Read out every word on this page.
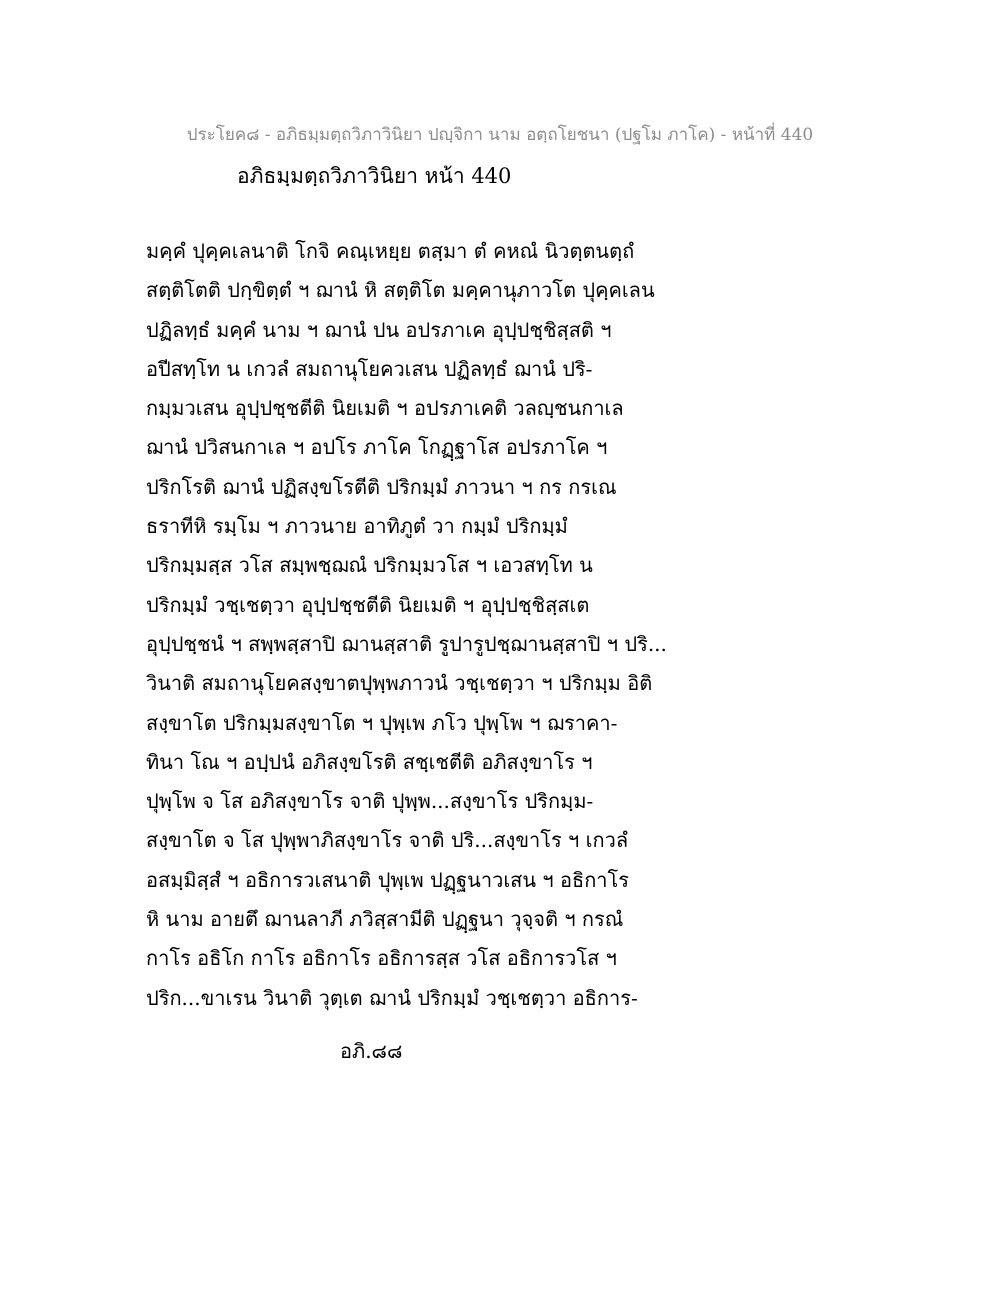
ประโยค๘ - อภิธมฺมตฺถวิภาวินิยา ปญฺจิกา นาม อตฺถโยชนา (ปฐโม ภาโค) - หน้าที่ 440
อภิธมฺมตฺถวิภาวินิยา หน้า 440
มคฺคํ ปุคฺคเลนาติ โกจิ คณฺเหยฺย ตสฺมา ตํ คหณํ นิวตฺตนตฺถํ
สตฺติโตติ ปกฺขิตฺตํ ฯ ฌานํ หิ สตฺติโต มคฺคานุภาวโต ปุคฺคเลน
ปฏิลทฺธํ มคฺคํ นาม ฯ ฌานํ ปน อปรภาเค อุปฺปชฺชิสฺสติ ฯ
อปีสทฺโท น เกวลํ สมถานุโยควเสน ปฏิลทฺธํ ฌานํ ปริ-
กมฺมวเสน อุปฺปชฺชตีติ นิยเมติ ฯ อปรภาเคติ วลญฺชนกาเล
ฌานํ ปวิสนกาเล ฯ อปโร ภาโค โกฏฺฐาโส อปรภาโค ฯ
ปริกโรติ ฌานํ ปฏิสงฺขโรตีติ ปริกมฺมํ ภาวนา ฯ กร กรเณ
ธราทีหิ รมฺโม ฯ ภาวนาย อาทิภูตํ วา กมฺมํ ปริกมฺมํ
ปริกมฺมสฺส วโส สมฺพชฺฌณํ ปริกมฺมวโส ฯ เอวสทฺโท น
ปริกมฺมํ วชฺเชตฺวา อุปฺปชฺชตีติ นิยเมติ ฯ อุปฺปชฺชิสฺสเต
อุปฺปชฺชนํ ฯ สพฺพสฺสาปิ ฌานสฺสาติ รูปารูปชฺฌานสฺสาปิ ฯ ปริ...
วินาติ สมถานุโยคสงฺขาตปุพฺพภาวนํ วชฺเชตฺวา ฯ ปริกมฺม อิติ
สงฺขาโต ปริกมฺมสงฺขาโต ฯ ปุพฺเพ ภโว ปุพฺโพ ฯ ฌราคา-
ทินา โณ ฯ อปฺปนํ อภิสงฺขโรติ สชฺเชตีติ อภิสงฺขาโร ฯ
ปุพฺโพ จ โส อภิสงฺขาโร จาติ ปุพฺพ...สงฺขาโร ปริกมฺม-
สงฺขาโต จ โส ปุพฺพาภิสงฺขาโร จาติ ปริ...สงฺขาโร ฯ เกวลํ
อสมฺมิสฺสํ ฯ อธิการวเสนาติ ปุพฺเพ ปฏฺฐนาวเสน ฯ อธิกาโร
หิ นาม อายตึ ฌานลาภี ภวิสฺสามีติ ปฏฺฐนา วุจฺจติ ฯ กรณํ
กาโร อธิโก กาโร อธิกาโร อธิการสฺส วโส อธิการวโส ฯ
ปริก...ขาเรน วินาติ วุตฺเต ฌานํ ปริกมฺมํ วชฺเชตฺวา อธิการ-
อภิ.๘๘
